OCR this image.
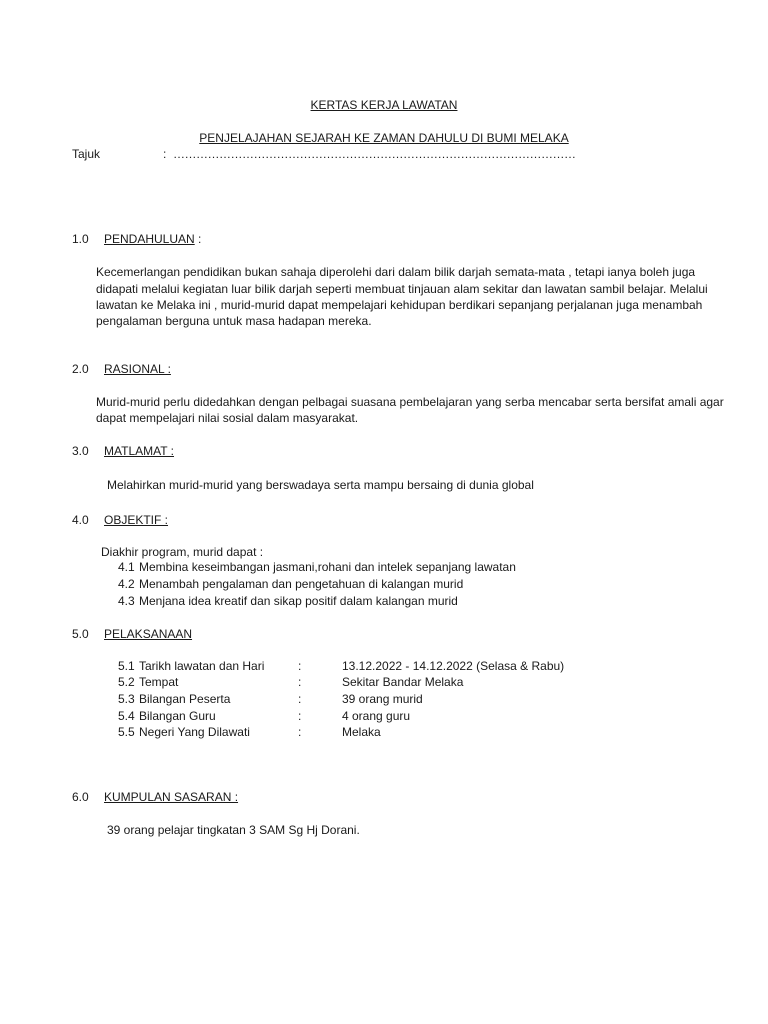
KERTAS KERJA LAWATAN
PENJELAJAHAN SEJARAH KE ZAMAN DAHULU DI BUMI MELAKA
Tajuk	: ……………………………………………………………………………………………
1.0 PENDAHULUAN :
Kecemerlangan pendidikan bukan sahaja diperolehi dari dalam bilik darjah semata-mata , tetapi ianya boleh juga
didapati melalui kegiatan luar bilik darjah seperti membuat tinjauan alam sekitar dan lawatan sambil belajar. Melalui
lawatan ke Melaka ini , murid-murid dapat mempelajari kehidupan berdikari sepanjang perjalanan juga menambah
pengalaman berguna untuk masa hadapan mereka.
2.0 RASIONAL :
Murid-murid perlu didedahkan dengan pelbagai suasana pembelajaran yang serba mencabar serta bersifat amali agar
dapat mempelajari nilai sosial dalam masyarakat.
3.0 MATLAMAT :
Melahirkan murid-murid yang berswadaya serta mampu bersaing di dunia global
4.0 OBJEKTIF :
Diakhir program, murid dapat :
4.1 Membina keseimbangan jasmani,rohani dan intelek sepanjang lawatan
4.2 Menambah pengalaman dan pengetahuan di kalangan murid
4.3 Menjana idea kreatif dan sikap positif dalam kalangan murid
5.0 PELAKSANAAN
5.1 Tarikh lawatan dan Hari	:	13.12.2022 - 14.12.2022 (Selasa & Rabu)
5.2 Tempat	:	Sekitar Bandar Melaka
5.3 Bilangan Peserta	:	39 orang murid
5.4 Bilangan Guru	:	4 orang guru
5.5 Negeri Yang Dilawati	:	Melaka
6.0 KUMPULAN SASARAN :
39 orang pelajar tingkatan 3 SAM Sg Hj Dorani.
